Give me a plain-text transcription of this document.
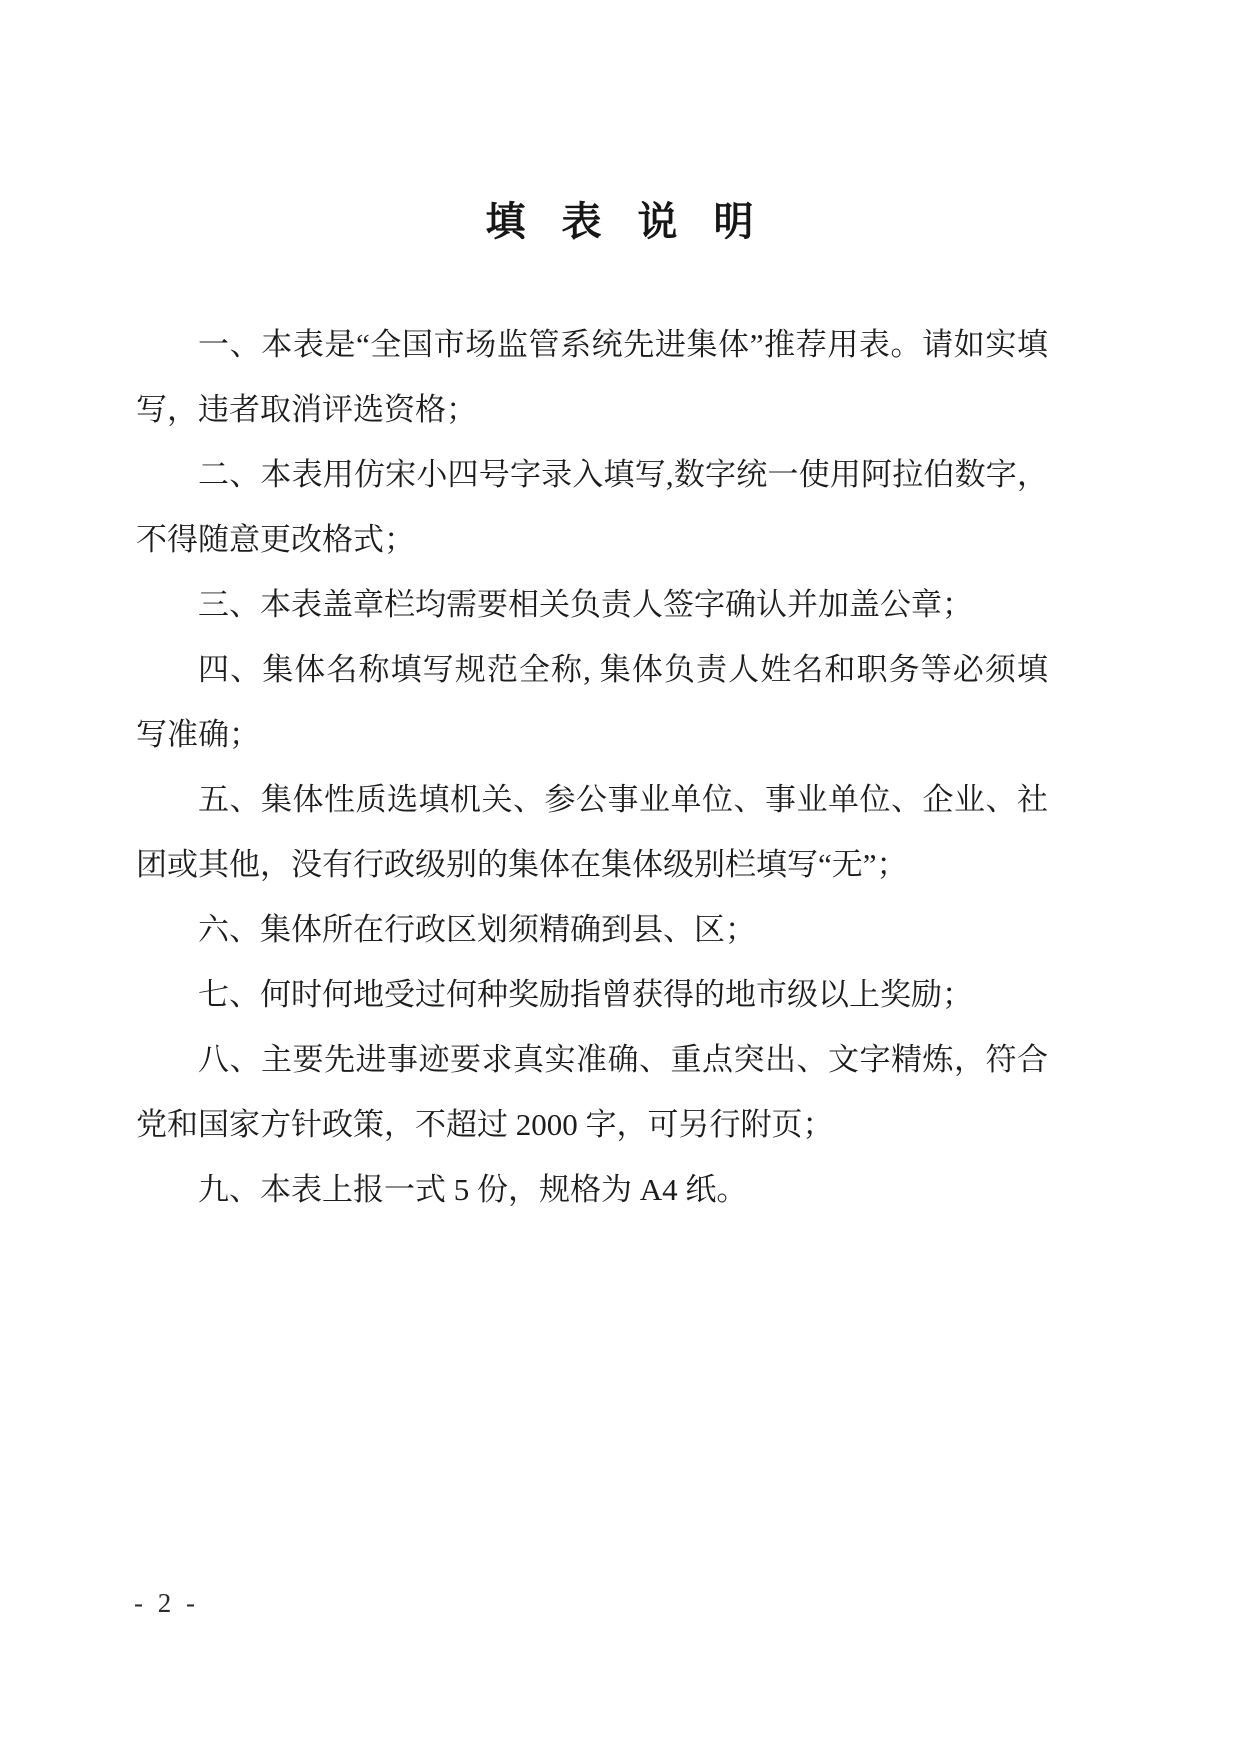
填 表 说 明

一、本表是“全国市场监管系统先进集体”推荐用表。请如实填写，违者取消评选资格；

二、本表用仿宋小四号字录入填写,数字统一使用阿拉伯数字，不得随意更改格式；

三、本表盖章栏均需要相关负责人签字确认并加盖公章；

四、集体名称填写规范全称, 集体负责人姓名和职务等必须填写准确；

五、集体性质选填机关、参公事业单位、事业单位、企业、社团或其他，没有行政级别的集体在集体级别栏填写“无”；

六、集体所在行政区划须精确到县、区；

七、何时何地受过何种奖励指曾获得的地市级以上奖励；

八、主要先进事迹要求真实准确、重点突出、文字精炼，符合党和国家方针政策，不超过 2000 字，可另行附页；

九、本表上报一式 5 份，规格为 A4 纸。

- 2 -
